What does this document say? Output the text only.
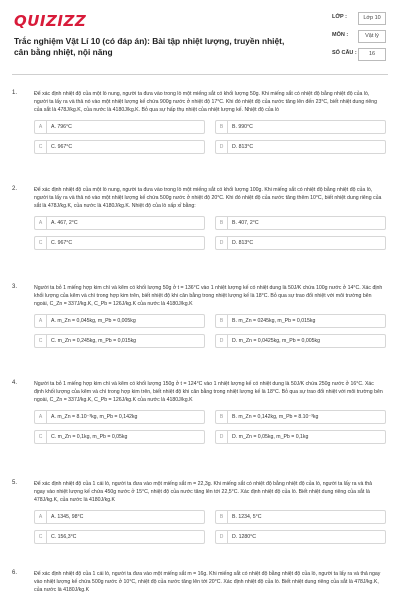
QUIZIZZ
Trắc nghiệm Vật Lí 10 (có đáp án): Bài tập nhiệt lượng, truyền nhiệt, cân bằng nhiệt, nội năng
LỚP :	Lớp 10
MÔN :	Vật lý
SỐ CÂU :	16
1.	Để xác định nhiệt độ của một lò nung, người ta đưa vào trong lò một miếng sắt có khối lượng 50g. Khi miếng sắt có nhiệt độ bằng nhiệt độ của lò, người ta lấy ra và thả nó vào một nhiệt lượng kế chứa 900g nước ở nhiệt độ 17°C. Khi đó nhiệt độ của nước tăng lên đến 23°C, biết nhiệt dung riêng của sắt là 478J/kg.K, của nước là 4180J/kg.K. Bỏ qua sự hấp thụ nhiệt của nhiệt lượng kế. Nhiệt độ của lò
A	A. 796°C	B	B. 990°C
C	C. 967°C	D	D. 813°C
2.	Để xác định nhiệt độ của một lò nung, người ta đưa vào trong lò một miếng sắt có khối lượng 100g. Khi miếng sắt có nhiệt độ bằng nhiệt độ của lò, người ta lấy ra và thả nó vào một nhiệt lượng kế chứa 500g nước ở nhiệt độ 20°C. Khi đó nhiệt độ của nước tăng thêm 10°C, biết nhiệt dung riêng của sắt là 478J/kg.K, của nước là 4180J/kg.K. Nhiệt độ của lò xấp xỉ bằng:
A	A. 467, 2°C	B	B. 407, 2°C
C	C. 967°C	D	D. 813°C
3.	Người ta bỏ 1 miếng hợp kim chì và kẽm có khối lượng 50g ở t = 136°C vào 1 nhiệt lượng kế có nhiệt dung là 50J/K chứa 100g nước ở 14°C. Xác định khối lượng của kẽm và chì trong hợp kim trên, biết nhiệt độ khi cân bằng trong nhiệt lượng kế là 18°C. Bỏ qua sự trao đổi nhiệt với môi trường bên ngoài, C_Zn = 337J/kg.K, C_Pb = 126J/kg.K của nước là 4180J/kg.K
A	A. m_Zn = 0,045kg, m_Pb = 0,005kg	B	B. m_Zn = 0245kg, m_Pb = 0,015kg
C	C. m_Zn = 0,245kg, m_Pb = 0,015kg	D	D. m_Zn = 0,0425kg, m_Pb = 0,005kg
4.	Người ta bỏ 1 miếng hợp kim chì và kẽm có khối lượng 150g ở t = 124°C vào 1 nhiệt lượng kế có nhiệt dung là 50J/K chứa 250g nước ở 16°C. Xác định khối lượng của kẽm và chì trong hợp kim trên, biết nhiệt độ khi cân bằng trong nhiệt lượng kế là 18°C. Bỏ qua sự trao đổi nhiệt với môi trường bên ngoài, C_Zn = 337J/kg.K, C_Pb = 126J/kg.K của nước là 4180J/kg.K
A	A. m_Zn = 8.10⁻³kg, m_Pb = 0,142kg	B	B. m_Zn = 0,142kg, m_Pb = 8.10⁻³kg
C	C. m_Zn = 0,1kg, m_Pb = 0,05kg	D	D. m_Zn = 0,05kg, m_Pb = 0,1kg
5.	Để xác định nhiệt độ của 1 cái lò, người ta đưa vào một miếng sắt m = 22,3g. Khi miếng sắt có nhiệt độ bằng nhiệt độ của lò, người ta lấy ra và thả ngay vào nhiệt lượng kế chứa 450g nước ở 15°C, nhiệt độ của nước tăng lên tới 22,5°C. Xác định nhiệt độ của lò. Biết nhiệt dung riêng của sắt là 478J/kg.K, của nước là 4180J/kg.K
A	A. 1345, 98°C	B	B. 1234, 5°C
C	C. 156,3°C	D	D. 1280°C
6.	Để xác định nhiệt độ của 1 cái lò, người ta đưa vào một miếng sắt m = 16g. Khi miếng sắt có nhiệt độ bằng nhiệt độ của lò, người ta lấy ra và thả ngay vào nhiệt lượng kế chứa 500g nước ở 10°C, nhiệt độ của nước tăng lên tới 20°C. Xác định nhiệt độ của lò. Biết nhiệt dung riêng của sắt là 478J/kg.K, của nước là 4180J/kg.K
